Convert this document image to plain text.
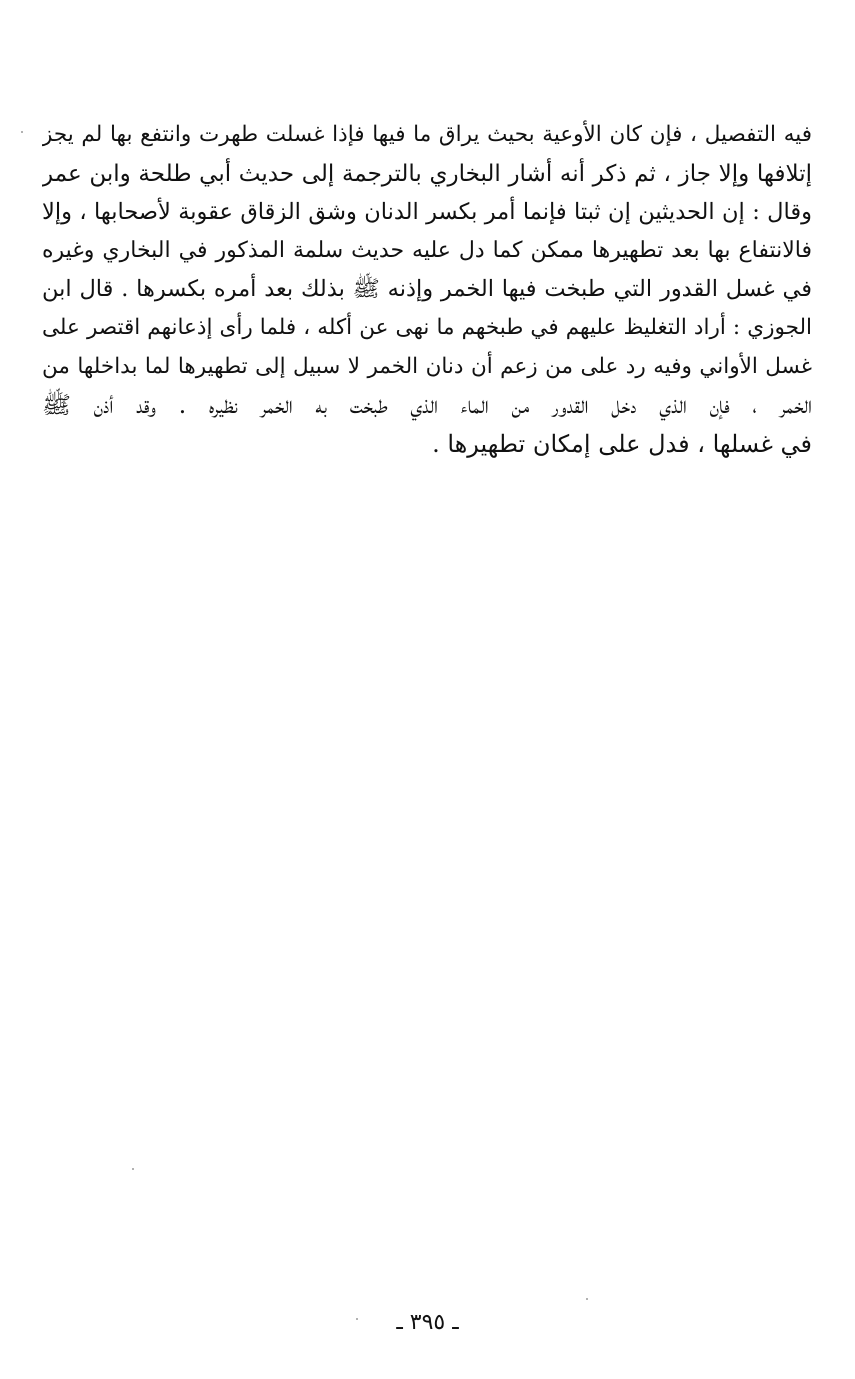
فيه التفصيل ، فإن كان الأوعية بحيث يراق ما فيها فإذا غسلت طهرت وانتفع بها لم يجز
إتلافها وإلا جاز ، ثم ذكر أنه أشار البخاري بالترجمة إلى حديث أبي طلحة وابن عمر
وقال : إن الحديثين إن ثبتا فإنما أمر بكسر الدنان وشق الزقاق عقوبة لأصحابها ، وإلا
فالانتفاع بها بعد تطهيرها ممكن كما دل عليه حديث سلمة المذكور في البخاري وغيره
في غسل القدور التي طبخت فيها الخمر وإذنه ﷺ بذلك بعد أمره بكسرها . قال ابن
الجوزي : أراد التغليظ عليهم في طبخهم ما نهى عن أكله ، فلما رأى إذعانهم اقتصر على
غسل الأواني وفيه رد على من زعم أن دنان الخمر لا سبيل إلى تطهيرها لما بداخلها من
الخمر ، فإن الذي دخل القدور من الماء الذي طبخت به الخمر نظيره . وقد أذن ﷺ
في غسلها ، فدل على إمكان تطهيرها .
ـ ٣٩٥ ـ
